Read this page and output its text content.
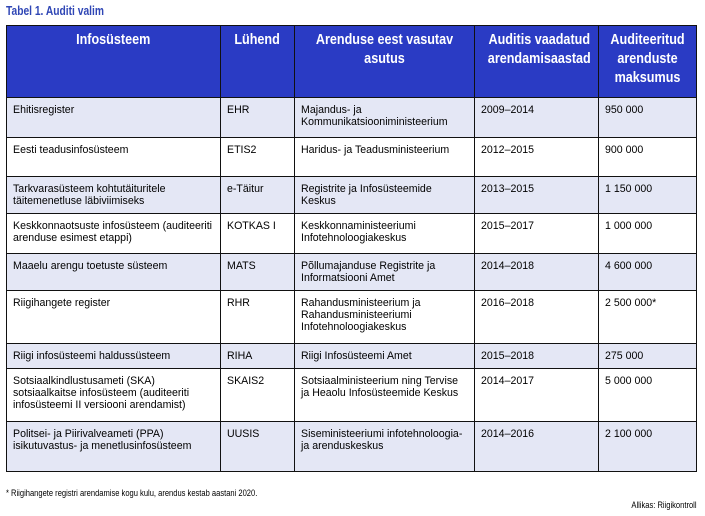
Tabel 1. Auditi valim
Infosüsteem	Lühend	Arenduse eest vasutav asutus	Auditis vaadatud arendamisaastad	Auditeeritud arenduste maksumus
Ehitisregister	EHR	Majandus- ja Kommunikatsiooniministeerium	2009–2014	950 000
Eesti teadusinfosüsteem	ETIS2	Haridus- ja Teadusministeerium	2012–2015	900 000
Tarkvarasüsteem kohtutäituritele täitemenetluse läbiviimiseks	e-Täitur	Registrite ja Infosüsteemide Keskus	2013–2015	1 150 000
Keskkonnaotsuste infosüsteem (auditeeriti arenduse esimest etappi)	KOTKAS I	Keskkonnaministeeriumi Infotehnoloogiakeskus	2015–2017	1 000 000
Maaelu arengu toetuste süsteem	MATS	Põllumajanduse Registrite ja Informatsiooni Amet	2014–2018	4 600 000
Riigihangete register	RHR	Rahandusministeerium ja Rahandusministeeriumi Infotehnoloogiakeskus	2016–2018	2 500 000*
Riigi infosüsteemi haldussüsteem	RIHA	Riigi Infosüsteemi Amet	2015–2018	275 000
Sotsiaalkindlustusameti (SKA) sotsiaalkaitse infosüsteem (auditeeriti infosüsteemi II versiooni arendamist)	SKAIS2	Sotsiaalministeerium ning Tervise ja Heaolu Infosüsteemide Keskus	2014–2017	5 000 000
Politsei- ja Piirivalveameti (PPA) isikutuvastus- ja menetlusinfosüsteem	UUSIS	Siseministeeriumi infotehnoloogia- ja arenduskeskus	2014–2016	2 100 000
* Riigihangete registri arendamise kogu kulu, arendus kestab aastani 2020.
Allikas: Riigikontroll
